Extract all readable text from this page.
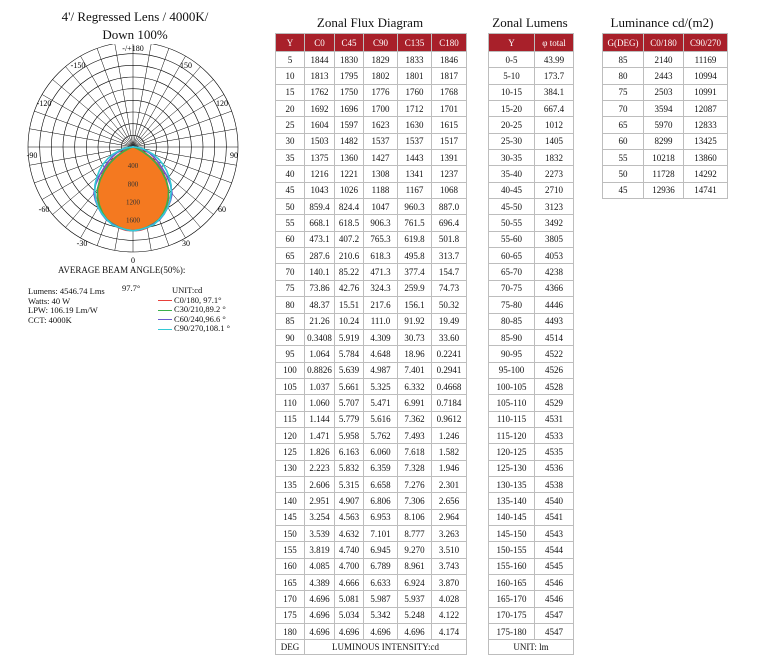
4'/ Regressed Lens / 4000K/
Down 100%
-/+180
-150	150
-120	120
-90	90
-60	60
-30	30
0
400
800
1200
1600
AVERAGE BEAM ANGLE(50%):
Lumens: 4546.74 Lms
Watts: 40 W
LPW: 106.19 Lm/W
CCT: 4000K
97.7°	UNIT:cd
C0/180, 97.1°
C30/210,89.2 °
C60/240,96.6 °
C90/270,108.1 °
Zonal Flux Diagram
Y	C0	C45	C90	C135	C180
5	1844	1830	1829	1833	1846
10	1813	1795	1802	1801	1817
15	1762	1750	1776	1760	1768
20	1692	1696	1700	1712	1701
25	1604	1597	1623	1630	1615
30	1503	1482	1537	1537	1517
35	1375	1360	1427	1443	1391
40	1216	1221	1308	1341	1237
45	1043	1026	1188	1167	1068
50	859.4	824.4	1047	960.3	887.0
55	668.1	618.5	906.3	761.5	696.4
60	473.1	407.2	765.3	619.8	501.8
65	287.6	210.6	618.3	495.8	313.7
70	140.1	85.22	471.3	377.4	154.7
75	73.86	42.76	324.3	259.9	74.73
80	48.37	15.51	217.6	156.1	50.32
85	21.26	10.24	111.0	91.92	19.49
90	0.3408	5.919	4.309	30.73	33.60
95	1.064	5.784	4.648	18.96	0.2241
100	0.8826	5.639	4.987	7.401	0.2941
105	1.037	5.661	5.325	6.332	0.4668
110	1.060	5.707	5.471	6.991	0.7184
115	1.144	5.779	5.616	7.362	0.9612
120	1.471	5.958	5.762	7.493	1.246
125	1.826	6.163	6.060	7.618	1.582
130	2.223	5.832	6.359	7.328	1.946
135	2.606	5.315	6.658	7.276	2.301
140	2.951	4.907	6.806	7.306	2.656
145	3.254	4.563	6.953	8.106	2.964
150	3.539	4.632	7.101	8.777	3.263
155	3.819	4.740	6.945	9.270	3.510
160	4.085	4.700	6.789	8.961	3.743
165	4.389	4.666	6.633	6.924	3.870
170	4.696	5.081	5.987	5.937	4.028
175	4.696	5.034	5.342	5.248	4.122
180	4.696	4.696	4.696	4.696	4.174
DEG	LUMINOUS INTENSITY:cd				
Zonal Lumens
Y	φ total
0-5	43.99
5-10	173.7
10-15	384.1
15-20	667.4
20-25	1012
25-30	1405
30-35	1832
35-40	2273
40-45	2710
45-50	3123
50-55	3492
55-60	3805
60-65	4053
65-70	4238
70-75	4366
75-80	4446
80-85	4493
85-90	4514
90-95	4522
95-100	4526
100-105	4528
105-110	4529
110-115	4531
115-120	4533
120-125	4535
125-130	4536
130-135	4538
135-140	4540
140-145	4541
145-150	4543
150-155	4544
155-160	4545
160-165	4546
165-170	4546
170-175	4547
175-180	4547
UNIT: lm	
Luminance cd/(m2)
G(DEG)	C0/180	C90/270
85	2140	11169
80	2443	10994
75	2503	10991
70	3594	12087
65	5970	12833
60	8299	13425
55	10218	13860
50	11728	14292
45	12936	14741
